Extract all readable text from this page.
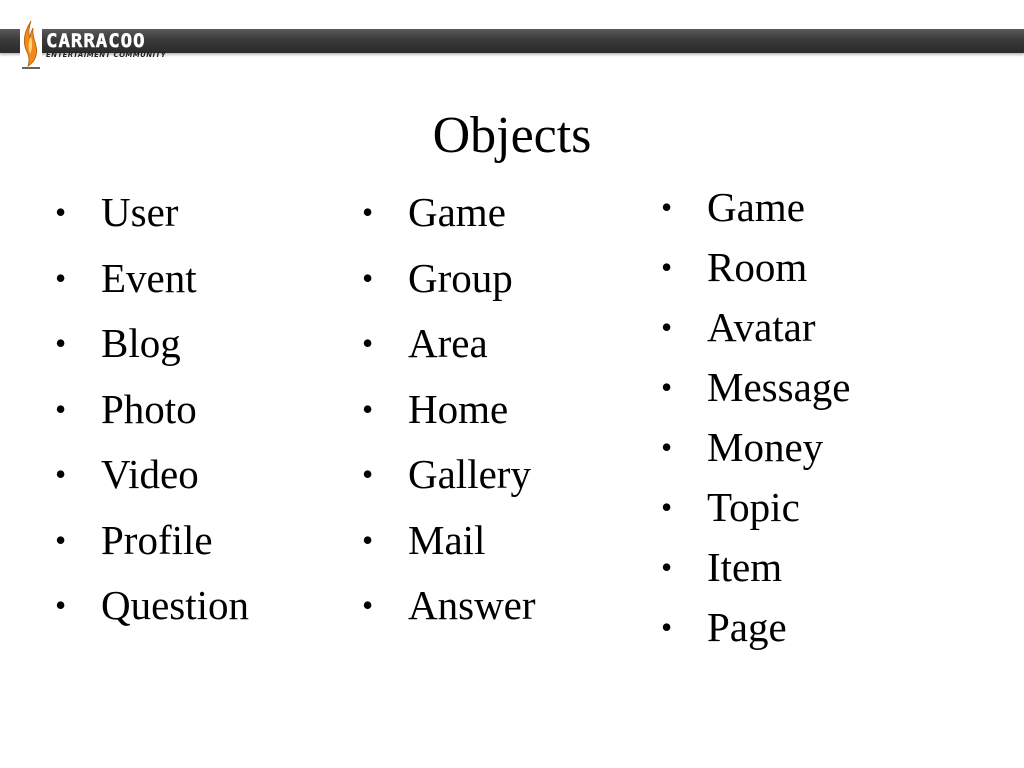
CARRACOO
ENTERTAIMENT COMMUNITY
Objects
• User
• Event
• Blog
• Photo
• Video
• Profile
• Question
• Game
• Group
• Area
• Home
• Gallery
• Mail
• Answer
• Game
• Room
• Avatar
• Message
• Money
• Topic
• Item
• Page
